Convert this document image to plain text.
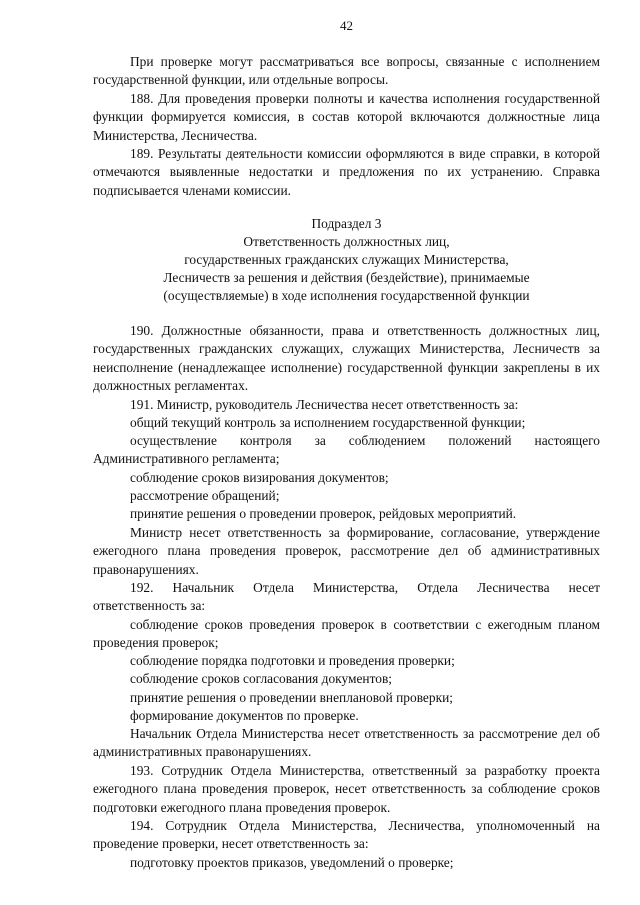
42
При проверке могут рассматриваться все вопросы, связанные с исполнением государственной функции, или отдельные вопросы.
188. Для проведения проверки полноты и качества исполнения государственной функции формируется комиссия, в состав которой включаются должностные лица Министерства, Лесничества.
189. Результаты деятельности комиссии оформляются в виде справки, в которой отмечаются выявленные недостатки и предложения по их устранению. Справка подписывается членами комиссии.
Подраздел 3
Ответственность должностных лиц,
государственных гражданских служащих Министерства,
Лесничеств за решения и действия (бездействие), принимаемые
(осуществляемые) в ходе исполнения государственной функции
190. Должностные обязанности, права и ответственность должностных лиц, государственных гражданских служащих, служащих Министерства, Лесничеств за неисполнение (ненадлежащее исполнение) государственной функции закреплены в их должностных регламентах.
191. Министр, руководитель Лесничества несет ответственность за:
общий текущий контроль за исполнением государственной функции;
осуществление контроля за соблюдением положений настоящего Административного регламента;
соблюдение сроков визирования документов;
рассмотрение обращений;
принятие решения о проведении проверок, рейдовых мероприятий.
Министр несет ответственность за формирование, согласование, утверждение ежегодного плана проведения проверок, рассмотрение дел об административных правонарушениях.
192. Начальник Отдела Министерства, Отдела Лесничества несет ответственность за:
соблюдение сроков проведения проверок в соответствии с ежегодным планом проведения проверок;
соблюдение порядка подготовки и проведения проверки;
соблюдение сроков согласования документов;
принятие решения о проведении внеплановой проверки;
формирование документов по проверке.
Начальник Отдела Министерства несет ответственность за рассмотрение дел об административных правонарушениях.
193. Сотрудник Отдела Министерства, ответственный за разработку проекта ежегодного плана проведения проверок, несет ответственность за соблюдение сроков подготовки ежегодного плана проведения проверок.
194. Сотрудник Отдела Министерства, Лесничества, уполномоченный на проведение проверки, несет ответственность за:
подготовку проектов приказов, уведомлений о проверке;
